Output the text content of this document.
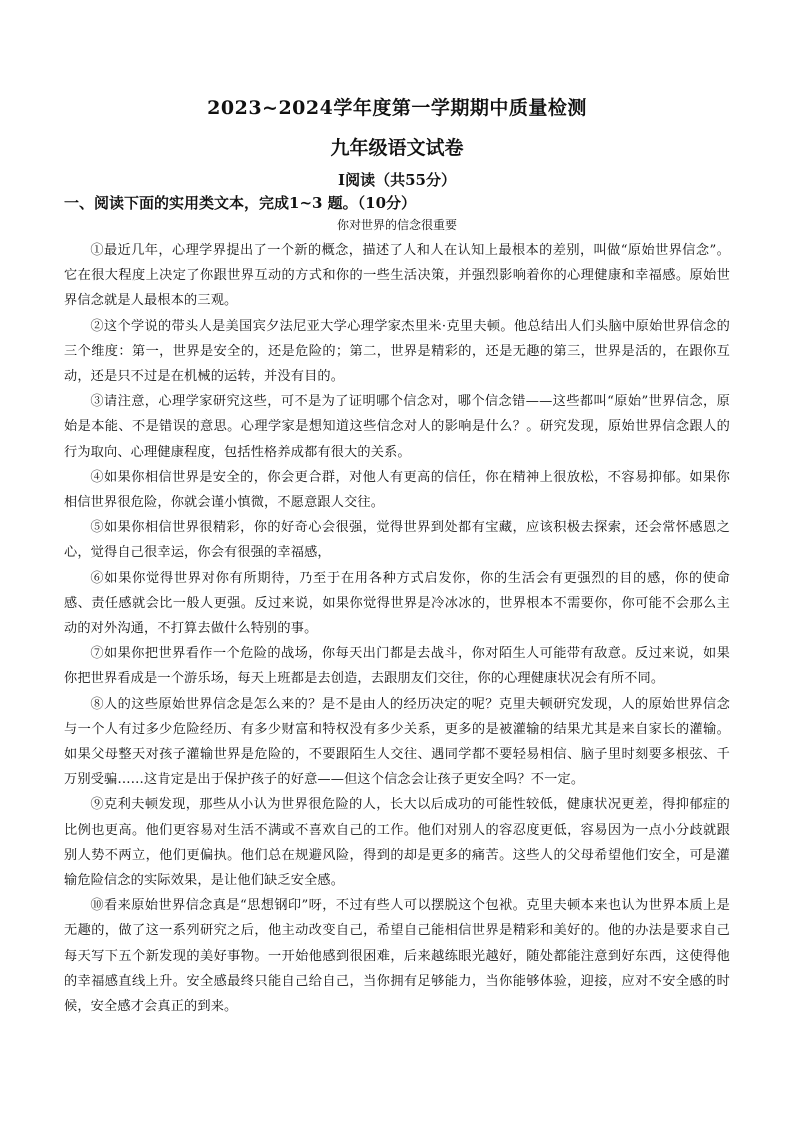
2023~2024学年度第一学期期中质量检测
九年级语文试卷
Ⅰ阅读（共55分）
一、阅读下面的实用类文本，完成1~3 题。（10分）
你对世界的信念很重要

①最近几年，心理学界提出了一个新的概念，描述了人和人在认知上最根本的差别，叫做“原始世界信念”。它在很大程度上决定了你跟世界互动的方式和你的一些生活决策，并强烈影响着你的心理健康和幸福感。原始世界信念就是人最根本的三观。

②这个学说的带头人是美国宾夕法尼亚大学心理学家杰里米·克里夫顿。他总结出人们头脑中原始世界信念的三个维度：第一，世界是安全的，还是危险的；第二，世界是精彩的，还是无趣的第三，世界是活的，在跟你互动，还是只不过是在机械的运转，并没有目的。

③请注意，心理学家研究这些，可不是为了证明哪个信念对，哪个信念错——这些都叫“原始”世界信念，原始是本能、不是错误的意思。心理学家是想知道这些信念对人的影响是什么？。研究发现，原始世界信念跟人的行为取向、心理健康程度，包括性格养成都有很大的关系。

④如果你相信世界是安全的，你会更合群，对他人有更高的信任，你在精神上很放松，不容易抑郁。如果你相信世界很危险，你就会谨小慎微，不愿意跟人交往。

⑤如果你相信世界很精彩，你的好奇心会很强，觉得世界到处都有宝藏，应该积极去探索，还会常怀感恩之心，觉得自己很幸运，你会有很强的幸福感，

⑥如果你觉得世界对你有所期待，乃至于在用各种方式启发你，你的生活会有更强烈的目的感，你的使命感、责任感就会比一般人更强。反过来说，如果你觉得世界是冷冰冰的，世界根本不需要你，你可能不会那么主动的对外沟通，不打算去做什么特别的事。

⑦如果你把世界看作一个危险的战场，你每天出门都是去战斗，你对陌生人可能带有敌意。反过来说，如果你把世界看成是一个游乐场，每天上班都是去创造，去跟朋友们交往，你的心理健康状况会有所不同。

⑧人的这些原始世界信念是怎么来的？是不是由人的经历决定的呢？克里夫顿研究发现，人的原始世界信念与一个人有过多少危险经历、有多少财富和特权没有多少关系，更多的是被灌输的结果尤其是来自家长的灌输。如果父母整天对孩子灌输世界是危险的，不要跟陌生人交往、遇同学都不要轻易相信、脑子里时刻要多根弦、千万别受骗……这肯定是出于保护孩子的好意——但这个信念会让孩子更安全吗？不一定。

⑨克利夫顿发现，那些从小认为世界很危险的人，长大以后成功的可能性较低，健康状况更差，得抑郁症的比例也更高。他们更容易对生活不满或不喜欢自己的工作。他们对别人的容忍度更低，容易因为一点小分歧就跟别人势不两立，他们更偏执。他们总在规避风险，得到的却是更多的痛苦。这些人的父母希望他们安全，可是灌输危险信念的实际效果，是让他们缺乏安全感。

⑩看来原始世界信念真是“思想钢印”呀，不过有些人可以摆脱这个包袱。克里夫顿本来也认为世界本质上是无趣的，做了这一系列研究之后，他主动改变自己，希望自己能相信世界是精彩和美好的。他的办法是要求自己每天写下五个新发现的美好事物。一开始他感到很困难，后来越练眼光越好，随处都能注意到好东西，这使得他的幸福感直线上升。安全感最终只能自己给自己，当你拥有足够能力，当你能够体验，迎接，应对不安全感的时候，安全感才会真正的到来。
